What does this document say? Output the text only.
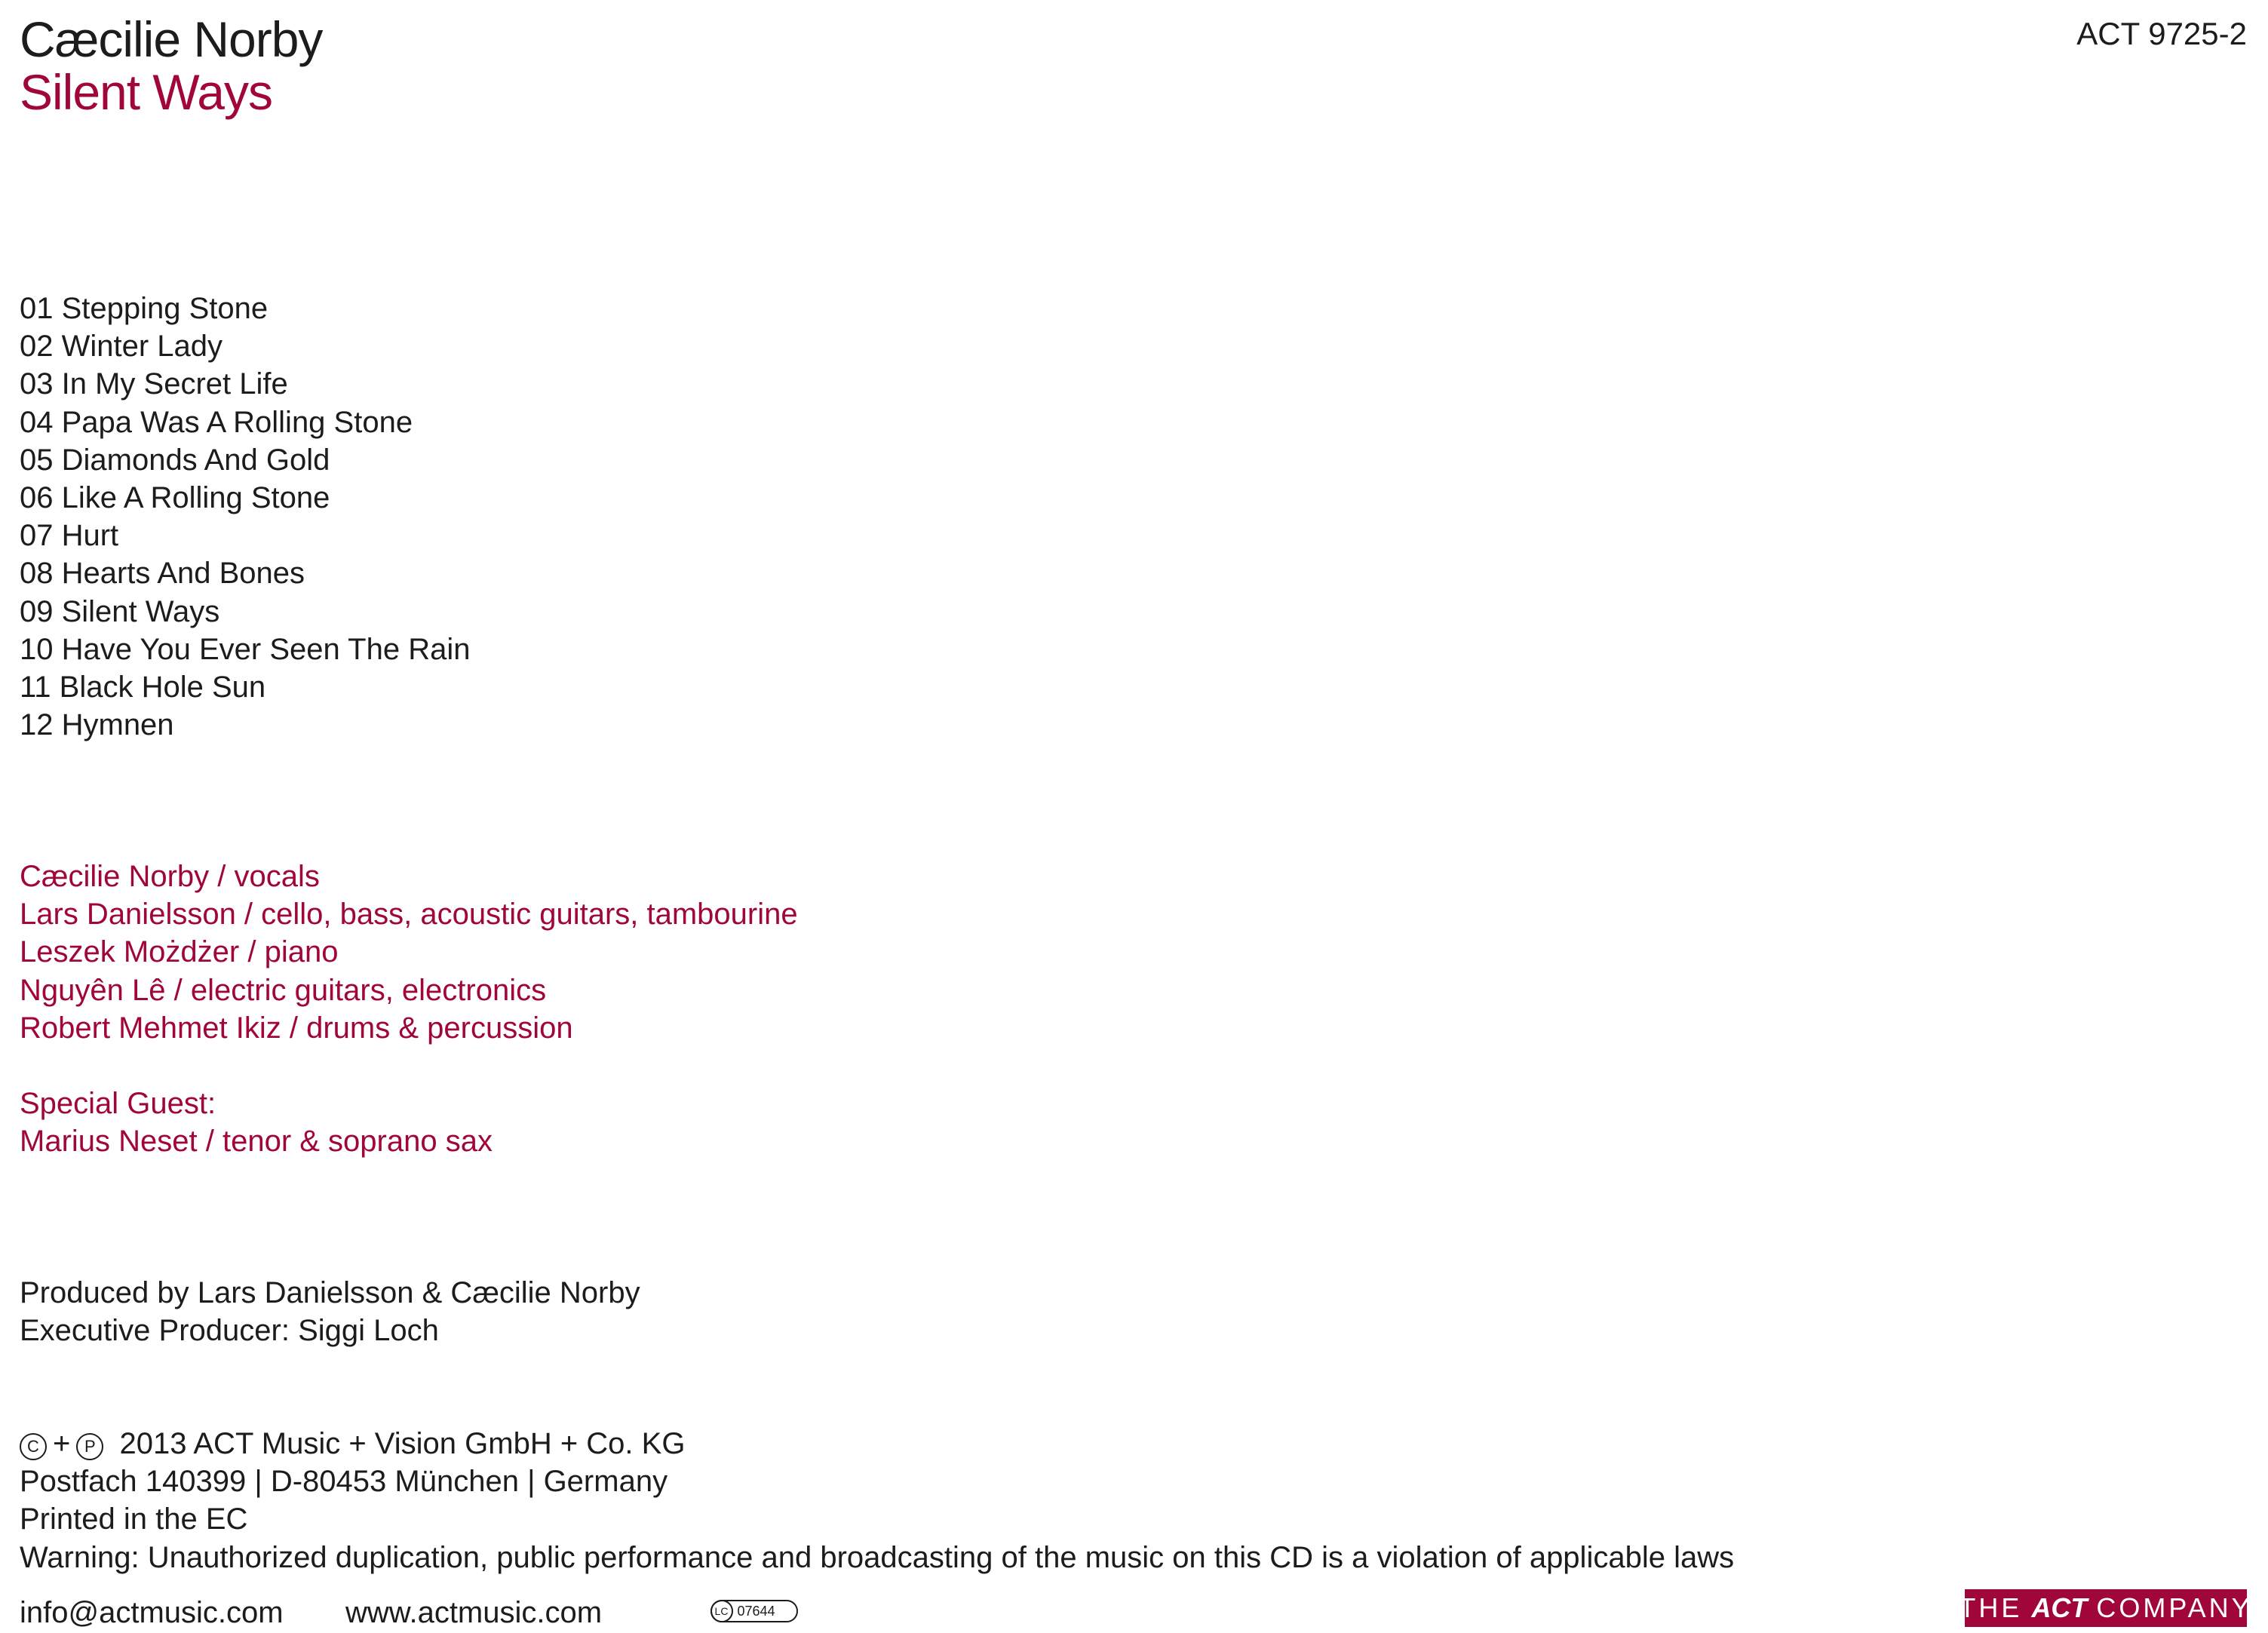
Cæcilie Norby
Silent Ways
ACT 9725-2
01 Stepping Stone
02 Winter Lady
03 In My Secret Life
04 Papa Was A Rolling Stone
05 Diamonds And Gold
06 Like A Rolling Stone
07 Hurt
08 Hearts And Bones
09 Silent Ways
10 Have You Ever Seen The Rain
11 Black Hole Sun
12 Hymnen
Cæcilie Norby / vocals
Lars Danielsson / cello, bass, acoustic guitars, tambourine
Leszek Możdżer / piano
Nguyên Lê / electric guitars, electronics
Robert Mehmet Ikiz / drums & percussion
Special Guest:
Marius Neset / tenor & soprano sax
Produced by Lars Danielsson & Cæcilie Norby
Executive Producer: Siggi Loch
C + P 2013 ACT Music + Vision GmbH + Co. KG
Postfach 140399 | D-80453 München | Germany
Printed in the EC
Warning: Unauthorized duplication, public performance and broadcasting of the music on this CD is a violation of applicable laws
info@actmusic.com www.actmusic.com	LC 07644	THE ACT COMPANY
